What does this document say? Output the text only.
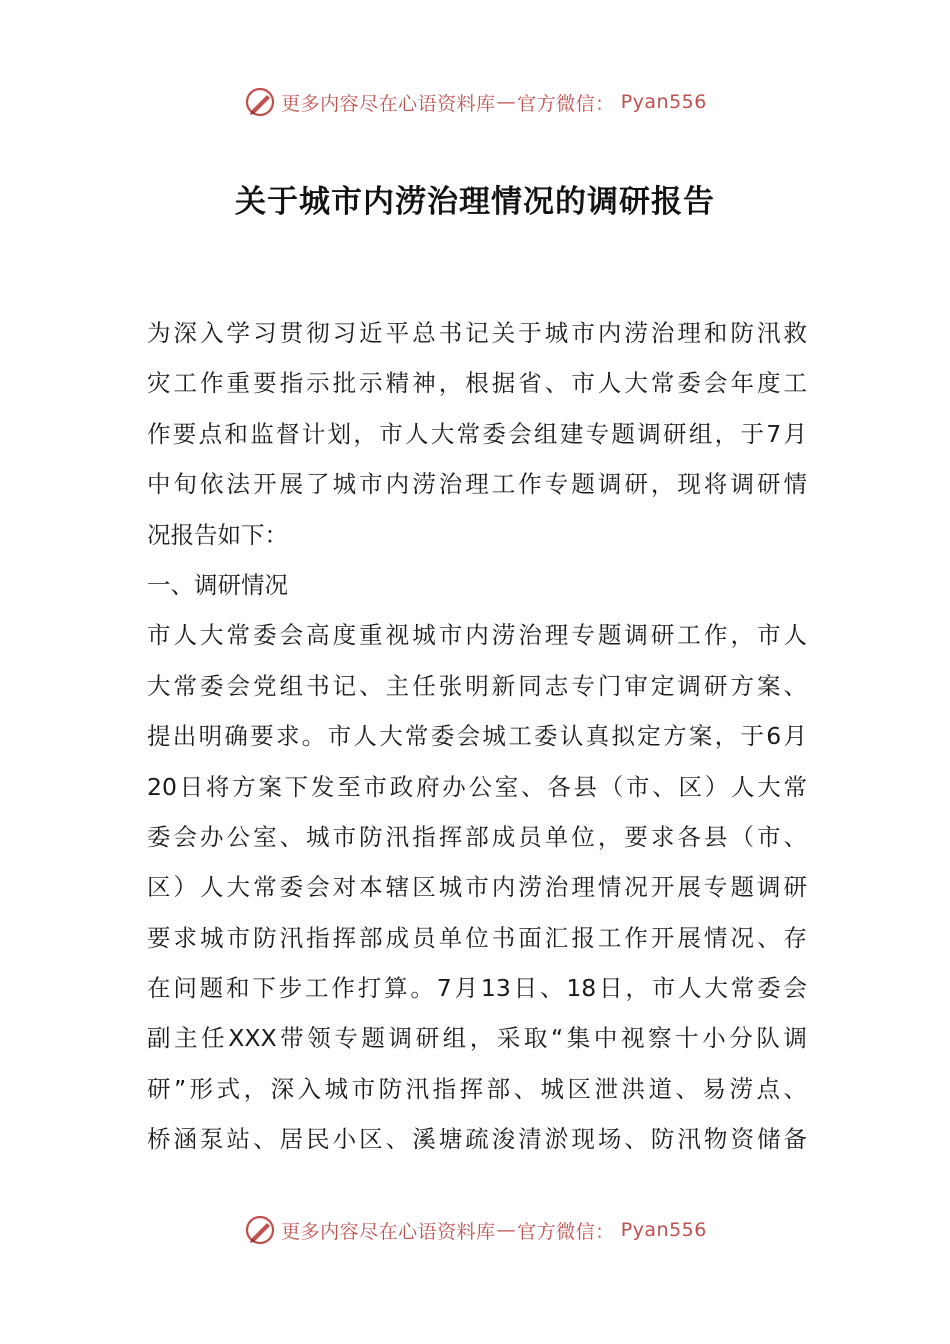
更多内容尽在心语资料库 — 官方微信： Pyan556
关于城市内涝治理情况的调研报告
为深入学习贯彻习近平总书记关于城市内涝治理和防汛救
灾工作重要指示批示精神，根据省、市人大常委会年度工
作要点和监督计划，市人大常委会组建专题调研组，于7月
中旬依法开展了城市内涝治理工作专题调研，现将调研情
况报告如下：
一、调研情况
市人大常委会高度重视城市内涝治理专题调研工作，市人
大常委会党组书记、主任张明新同志专门审定调研方案、
提出明确要求。市人大常委会城工委认真拟定方案，于6月
20日将方案下发至市政府办公室、各县（市、区）人大常
委会办公室、城市防汛指挥部成员单位，要求各县（市、
区）人大常委会对本辖区城市内涝治理情况开展专题调研
要求城市防汛指挥部成员单位书面汇报工作开展情况、存
在问题和下步工作打算。7月13日、18日，市人大常委会
副主任XXX带领专题调研组，采取“集中视察十小分队调
研”形式，深入城市防汛指挥部、城区泄洪道、易涝点、
桥涵泵站、居民小区、溪塘疏浚清淤现场、防汛物资储备
更多内容尽在心语资料库 — 官方微信： Pyan556
